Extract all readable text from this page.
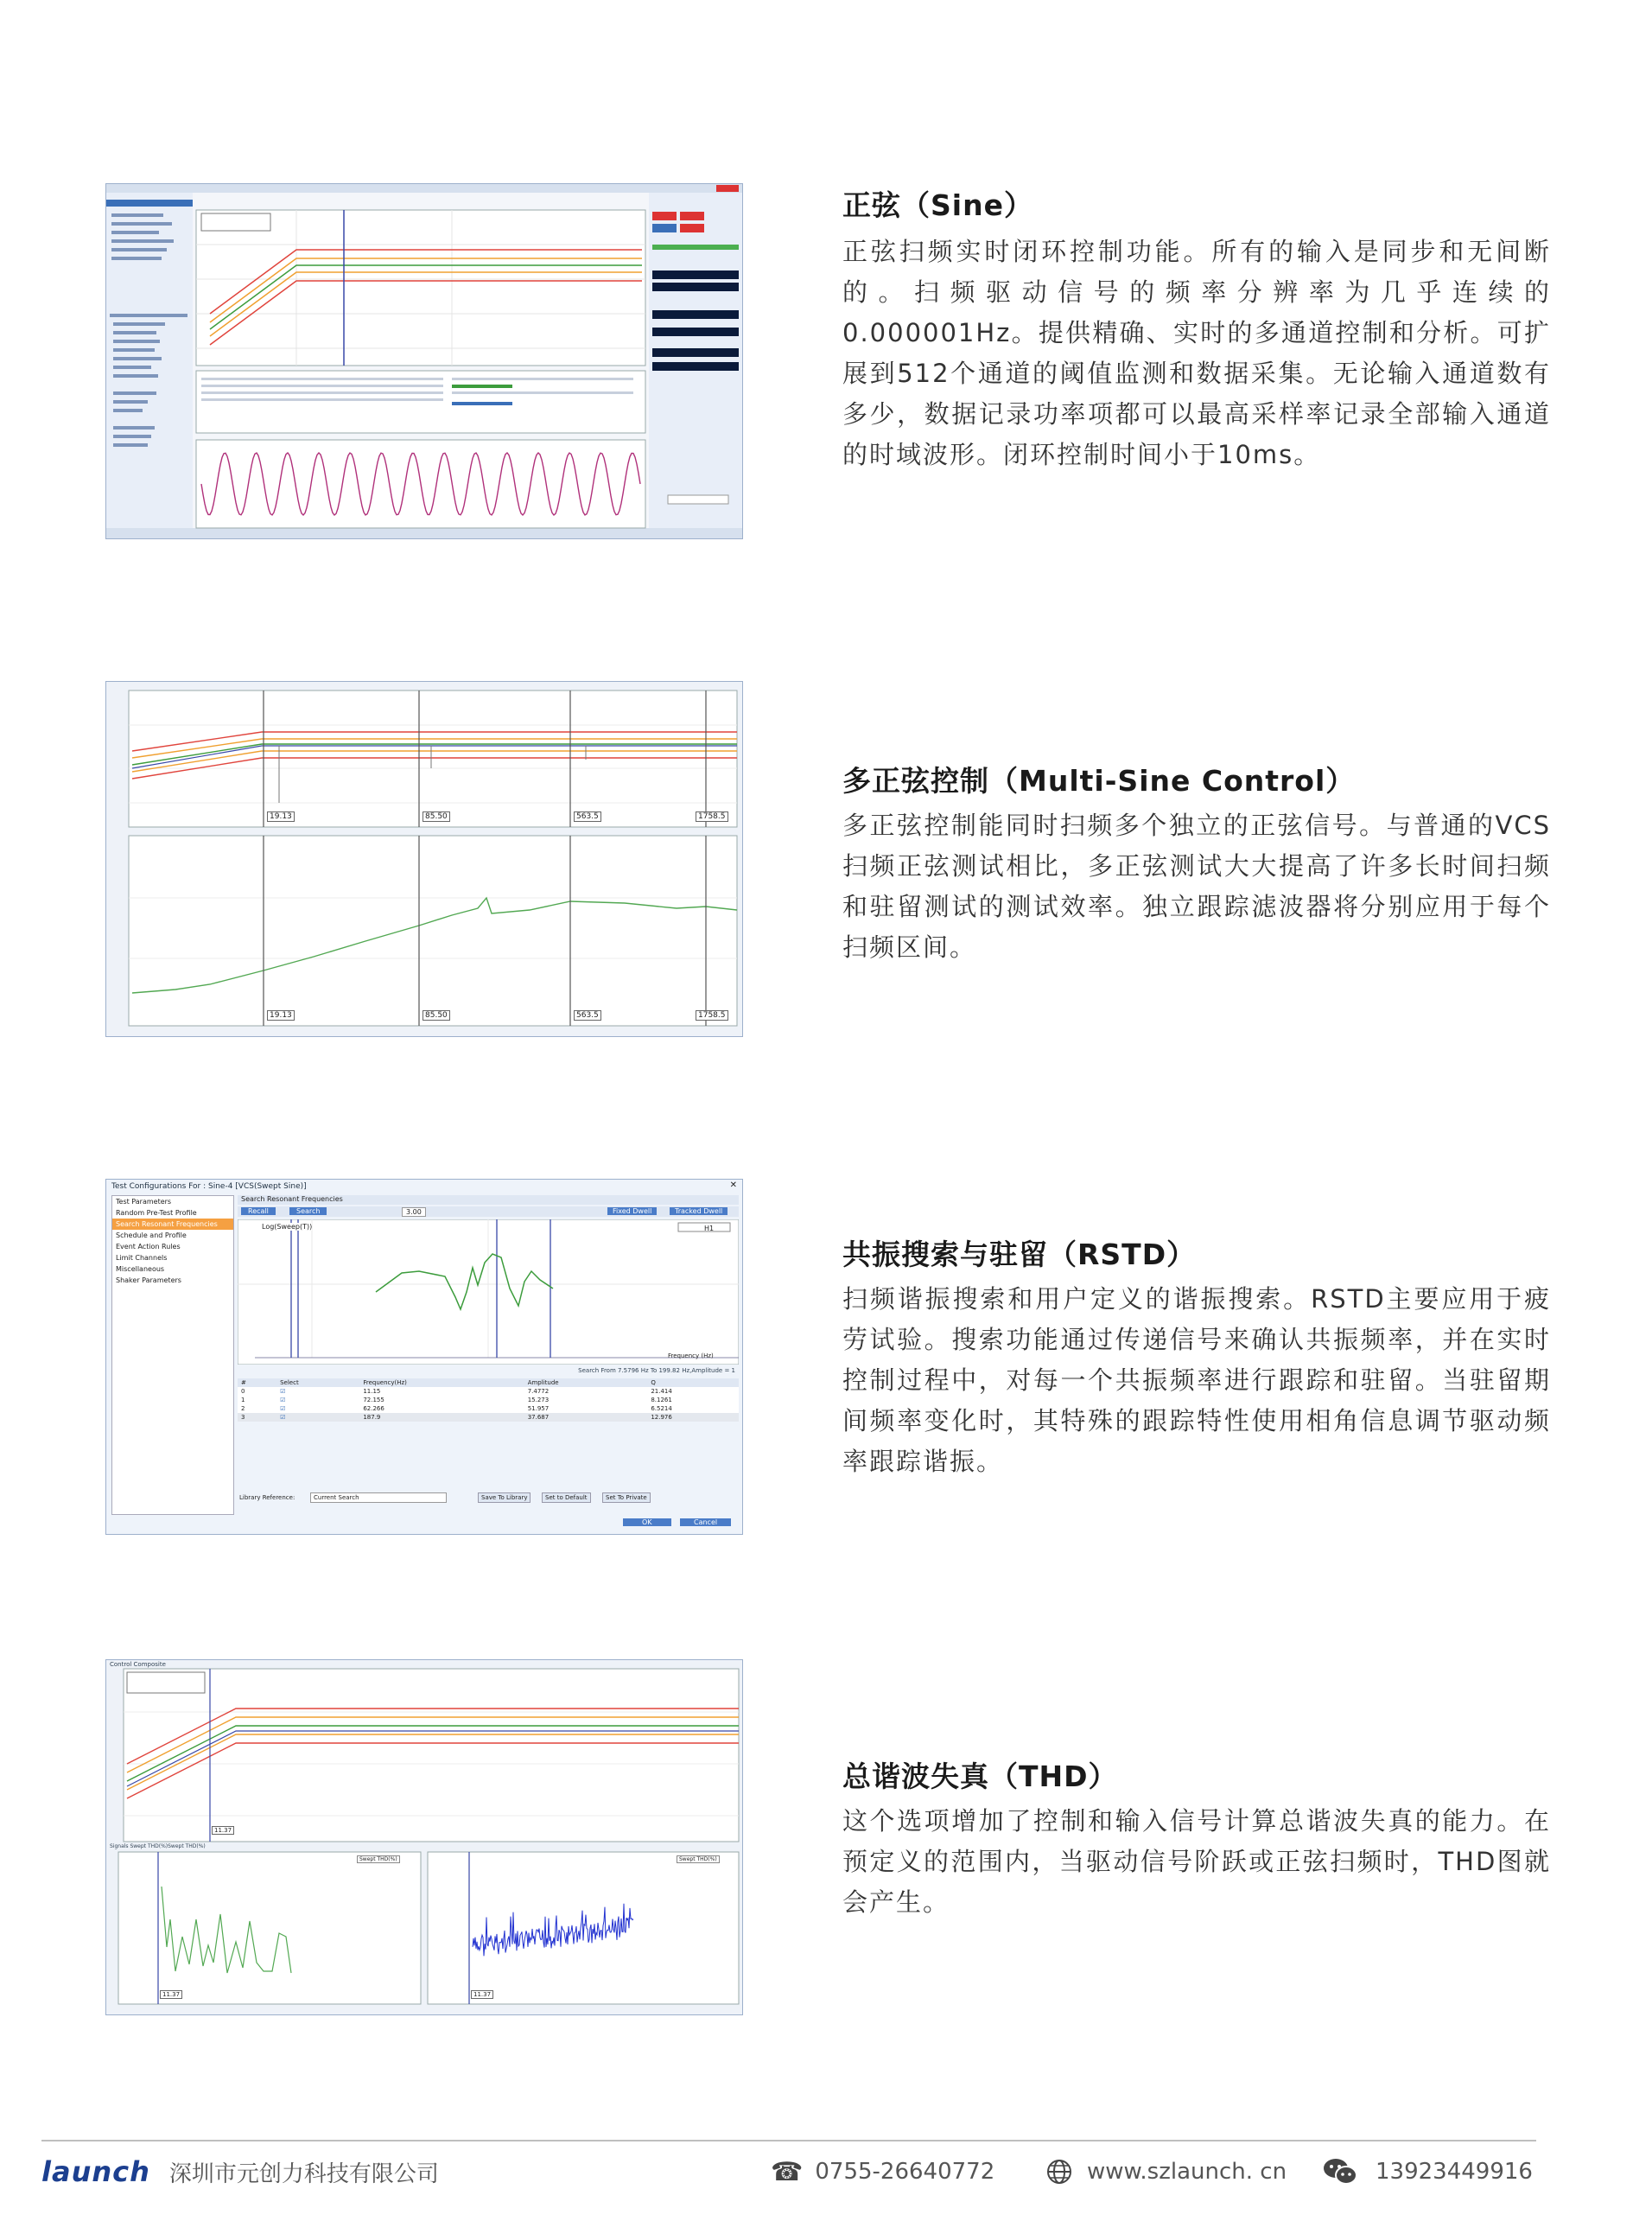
19.13	85.50	563.5	1758.5
19.13	85.50	563.5	1758.5
Test Configurations For : Sine-4 [VCS(Swept Sine)]	✕
Test Parameters
Random Pre-Test Profile
Search Resonant Frequencies
Schedule and Profile
Event Action Rules
Limit Channels
Miscellaneous
Shaker Parameters
Search Resonant Frequencies
Recall	Search	3.00	Fixed Dwell	Tracked Dwell
Log(Sweep(T))	H1
Frequency (Hz)
Search From 7.5796 Hz To 199.82 Hz,Amplitude = 1
#	Select	Frequency(Hz)	Amplitude	Q
0	☑	11.15	7.4772	21.414
1	☑	72.155	15.273	8.1261
2	☑	62.266	51.957	6.5214
3	☑	187.9	37.687	12.976
Library Reference:	Current Search	Save To Library	Set to Default	Set To Private
OK	Cancel
Control Composite
Signals Swept THD(%)Swept THD(%)
Swept THD(%)	Swept THD(%)
11.37
11.37	11.37
正弦（Sine）
正弦扫频实时闭环控制功能。所有的输入是同步和无间断的。扫频驱动信号的频率分辨率为几乎连续的0.000001Hz。提供精确、实时的多通道控制和分析。可扩展到512个通道的阈值监测和数据采集。无论输入通道数有多少，数据记录功率项都可以最高采样率记录全部输入通道的时域波形。闭环控制时间小于10ms。
多正弦控制（Multi-Sine Control）
多正弦控制能同时扫频多个独立的正弦信号。与普通的VCS扫频正弦测试相比，多正弦测试大大提高了许多长时间扫频和驻留测试的测试效率。独立跟踪滤波器将分别应用于每个扫频区间。
共振搜索与驻留（RSTD）
扫频谐振搜索和用户定义的谐振搜索。RSTD主要应用于疲劳试验。搜索功能通过传递信号来确认共振频率，并在实时控制过程中，对每一个共振频率进行跟踪和驻留。当驻留期间频率变化时，其特殊的跟踪特性使用相角信息调节驱动频率跟踪谐振。
总谐波失真（THD）
这个选项增加了控制和输入信号计算总谐波失真的能力。在预定义的范围内，当驱动信号阶跃或正弦扫频时，THD图就会产生。
launch 深圳市元创力科技有限公司	☎ 0755-26640772	www.szlaunch. cn	13923449916
